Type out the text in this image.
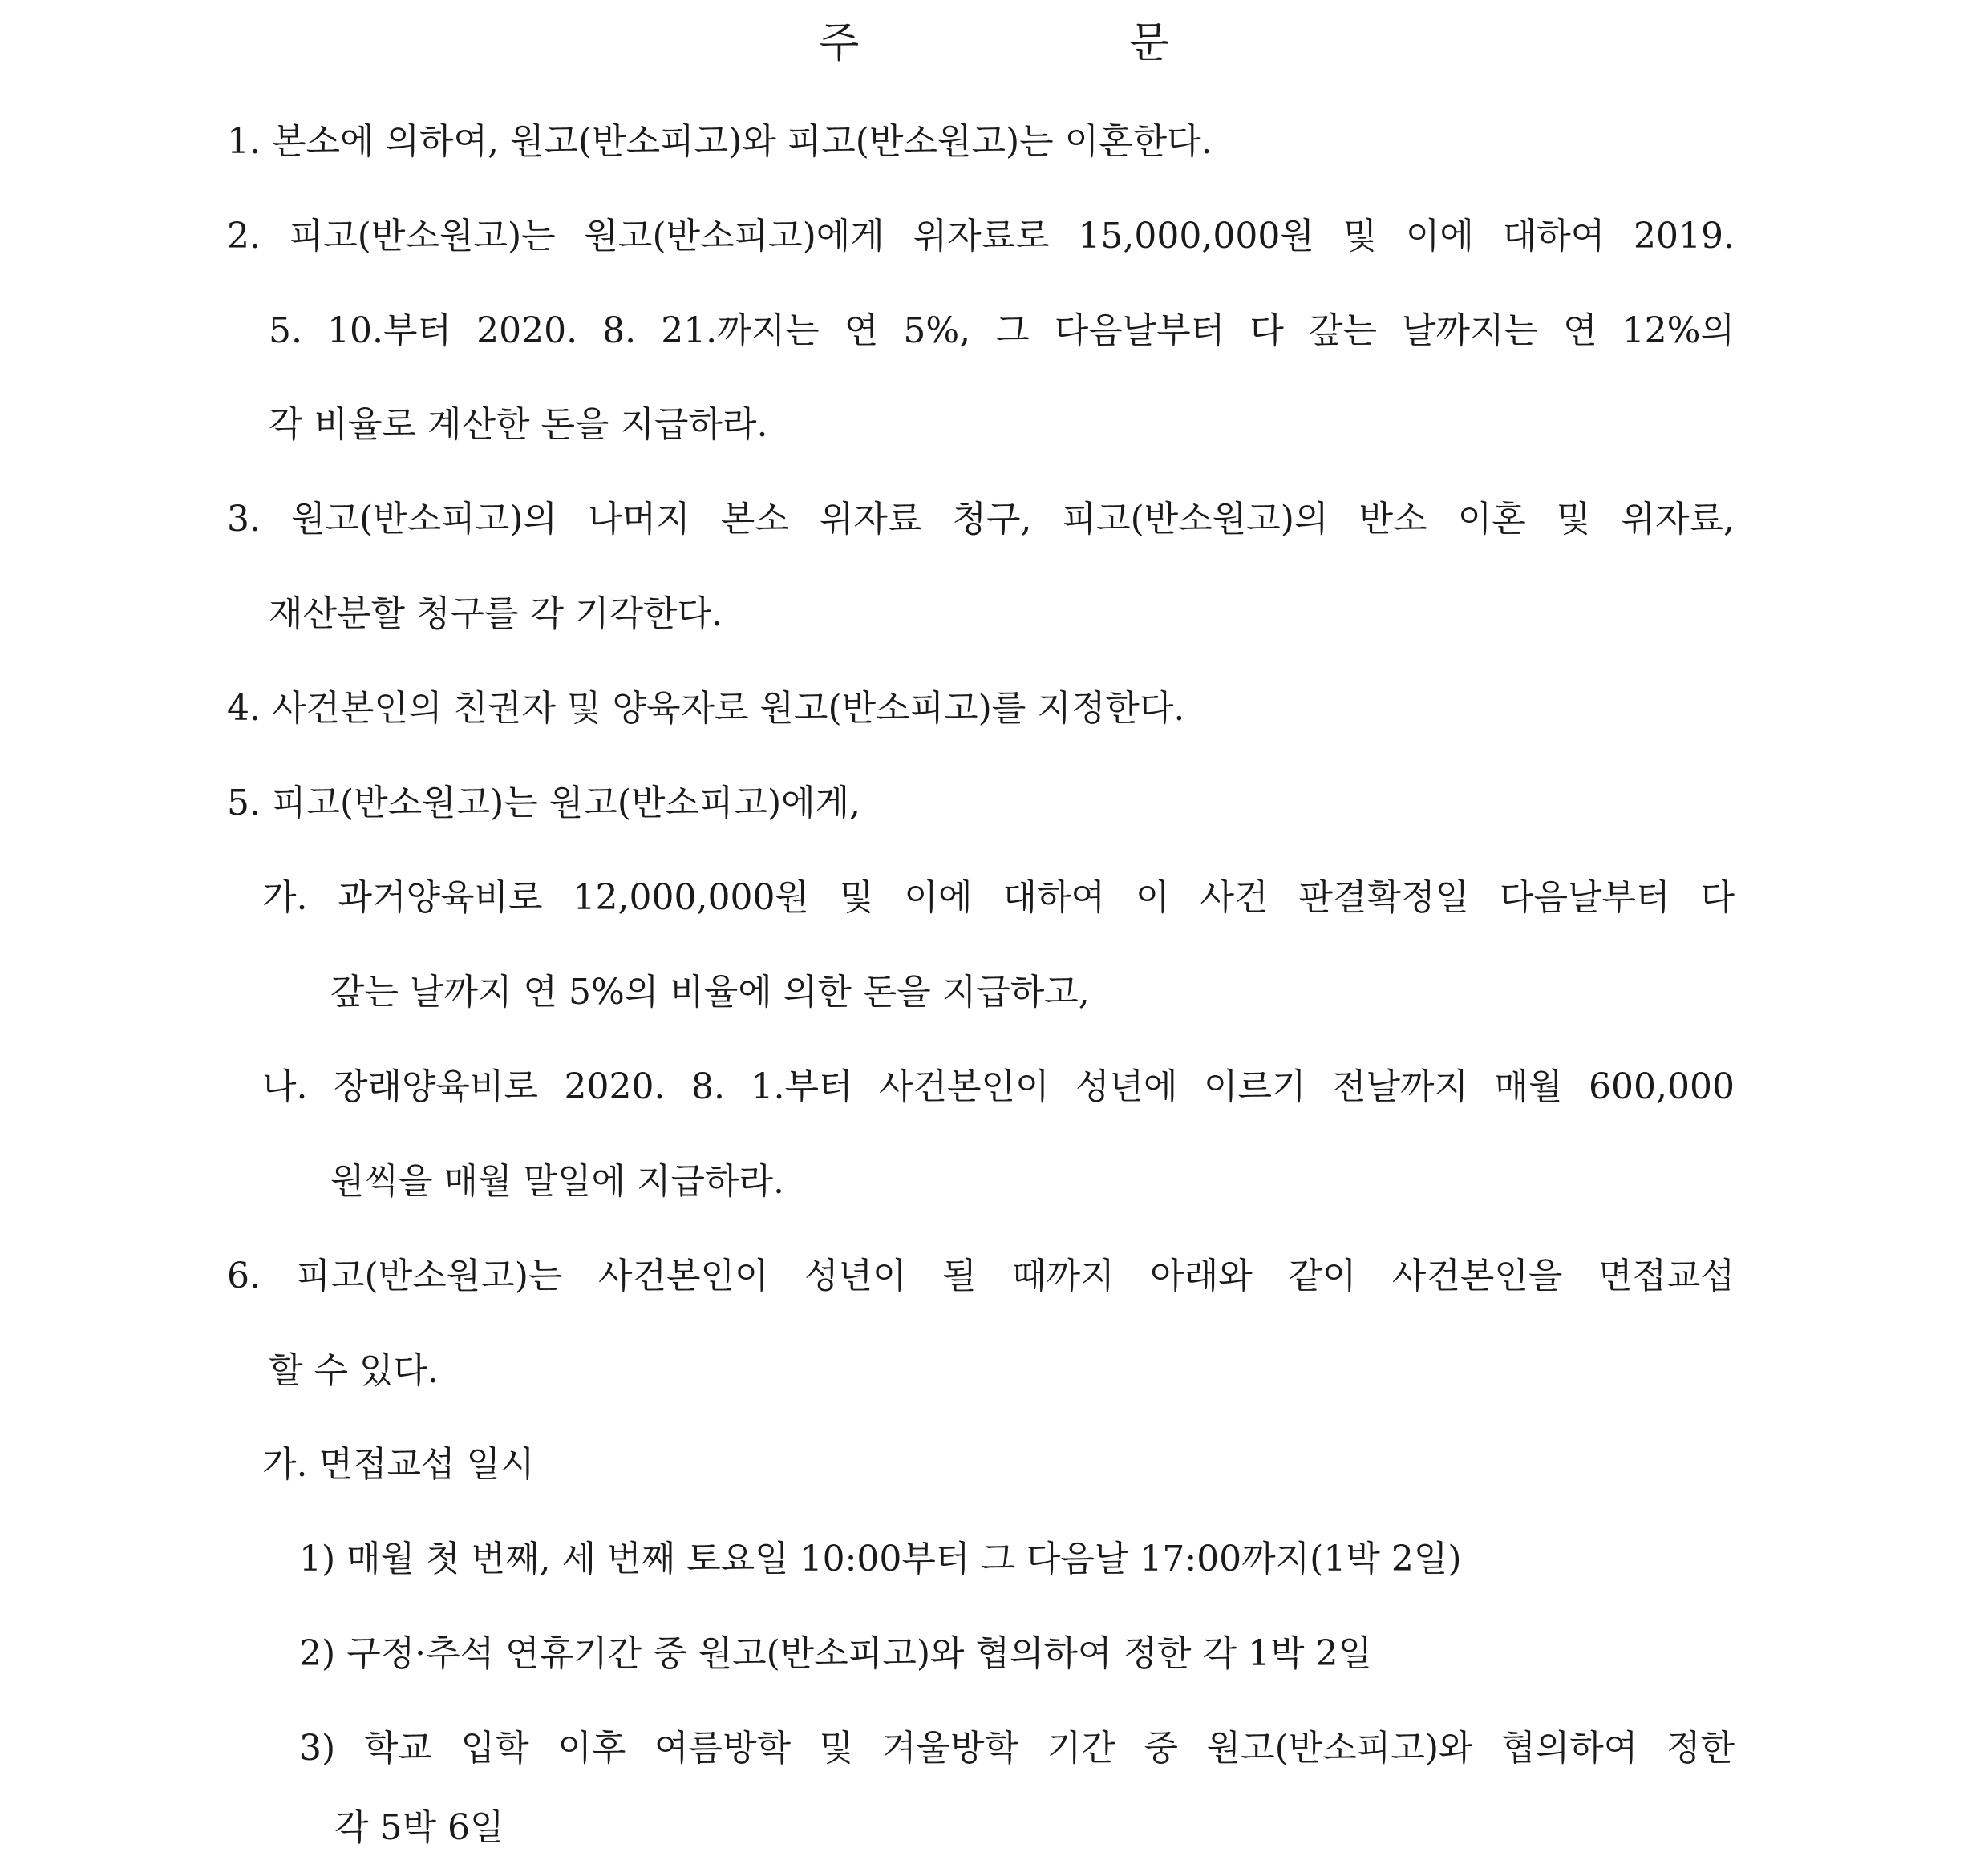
주 문
1. 본소에 의하여, 원고(반소피고)와 피고(반소원고)는 이혼한다.
2. 피고(반소원고)는 원고(반소피고)에게 위자료로 15,000,000원 및 이에 대하여 2019.
5. 10.부터 2020. 8. 21.까지는 연 5%, 그 다음날부터 다 갚는 날까지는 연 12%의
각 비율로 계산한 돈을 지급하라.
3. 원고(반소피고)의 나머지 본소 위자료 청구, 피고(반소원고)의 반소 이혼 및 위자료,
재산분할 청구를 각 기각한다.
4. 사건본인의 친권자 및 양육자로 원고(반소피고)를 지정한다.
5. 피고(반소원고)는 원고(반소피고)에게,
가. 과거양육비로 12,000,000원 및 이에 대하여 이 사건 판결확정일 다음날부터 다
갚는 날까지 연 5%의 비율에 의한 돈을 지급하고,
나. 장래양육비로 2020. 8. 1.부터 사건본인이 성년에 이르기 전날까지 매월 600,000
원씩을 매월 말일에 지급하라.
6. 피고(반소원고)는 사건본인이 성년이 될 때까지 아래와 같이 사건본인을 면접교섭
할 수 있다.
가. 면접교섭 일시
1) 매월 첫 번째, 세 번째 토요일 10:00부터 그 다음날 17:00까지(1박 2일)
2) 구정·추석 연휴기간 중 원고(반소피고)와 협의하여 정한 각 1박 2일
3) 학교 입학 이후 여름방학 및 겨울방학 기간 중 원고(반소피고)와 협의하여 정한
각 5박 6일
